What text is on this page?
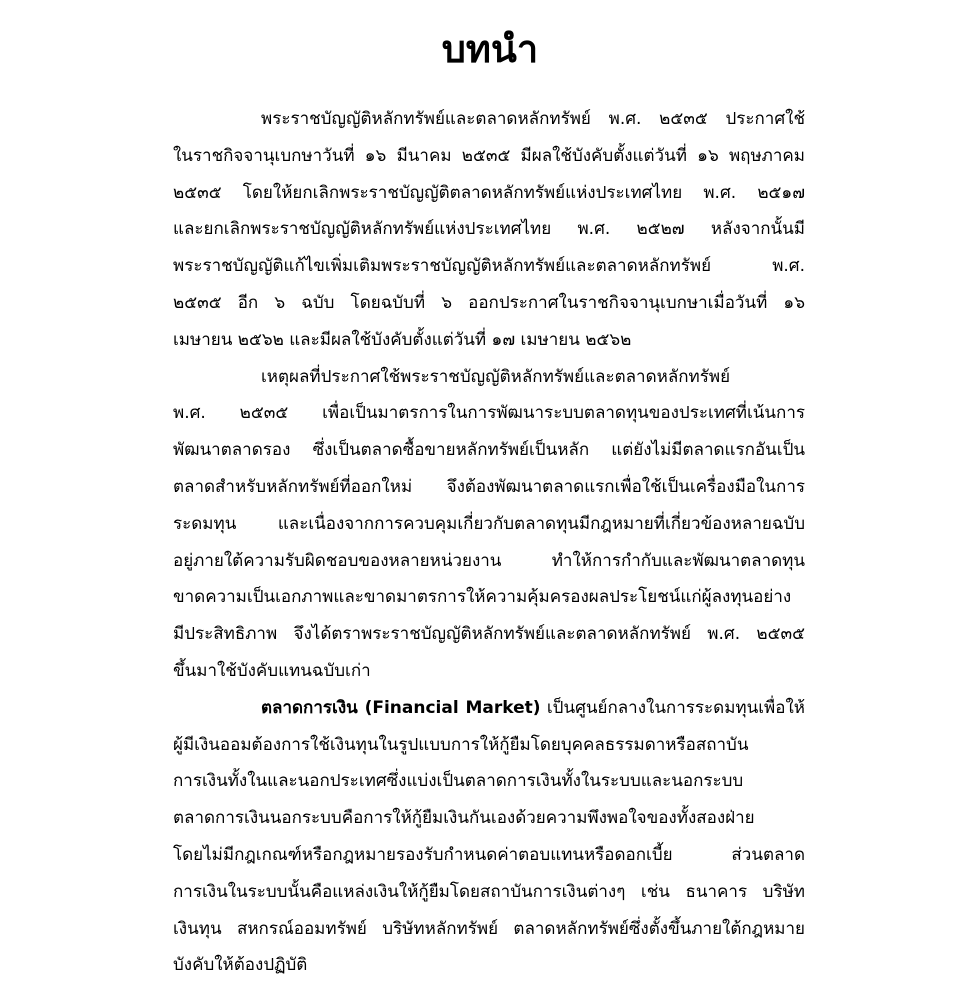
บทนำ
พระราชบัญญัติหลักทรัพย์และตลาดหลักทรัพย์ พ.ศ. ๒๕๓๕ ประกาศใช้
ในราชกิจจานุเบกษาวันที่ ๑๖ มีนาคม ๒๕๓๕ มีผลใช้บังคับตั้งแต่วันที่ ๑๖ พฤษภาคม
๒๕๓๕ โดยให้ยกเลิกพระราชบัญญัติตลาดหลักทรัพย์แห่งประเทศไทย พ.ศ. ๒๕๑๗
และยกเลิกพระราชบัญญัติหลักทรัพย์แห่งประเทศไทย พ.ศ. ๒๕๒๗ หลังจากนั้นมี
พระราชบัญญัติแก้ไขเพิ่มเติมพระราชบัญญัติหลักทรัพย์และตลาดหลักทรัพย์ พ.ศ.
๒๕๓๕ อีก ๖ ฉบับ โดยฉบับที่ ๖ ออกประกาศในราชกิจจานุเบกษาเมื่อวันที่ ๑๖
เมษายน ๒๕๖๒ และมีผลใช้บังคับตั้งแต่วันที่ ๑๗ เมษายน ๒๕๖๒
เหตุผลที่ประกาศใช้พระราชบัญญัติหลักทรัพย์และตลาดหลักทรัพย์
พ.ศ. ๒๕๓๕ เพื่อเป็นมาตรการในการพัฒนาระบบตลาดทุนของประเทศที่เน้นการ
พัฒนาตลาดรอง ซึ่งเป็นตลาดซื้อขายหลักทรัพย์เป็นหลัก แต่ยังไม่มีตลาดแรกอันเป็น
ตลาดสำหรับหลักทรัพย์ที่ออกใหม่ จึงต้องพัฒนาตลาดแรกเพื่อใช้เป็นเครื่องมือในการ
ระดมทุน และเนื่องจากการควบคุมเกี่ยวกับตลาดทุนมีกฎหมายที่เกี่ยวข้องหลายฉบับ
อยู่ภายใต้ความรับผิดชอบของหลายหน่วยงาน ทำให้การกำกับและพัฒนาตลาดทุน
ขาดความเป็นเอกภาพและขาดมาตรการให้ความคุ้มครองผลประโยชน์แก่ผู้ลงทุนอย่าง
มีประสิทธิภาพ จึงได้ตราพระราชบัญญัติหลักทรัพย์และตลาดหลักทรัพย์ พ.ศ. ๒๕๓๕
ขึ้นมาใช้บังคับแทนฉบับเก่า
ตลาดการเงิน (Financial Market) เป็นศูนย์กลางในการระดมทุนเพื่อให้
ผู้มีเงินออมต้องการใช้เงินทุนในรูปแบบการให้กู้ยืมโดยบุคคลธรรมดาหรือสถาบัน
การเงินทั้งในและนอกประเทศซึ่งแบ่งเป็นตลาดการเงินทั้งในระบบและนอกระบบ
ตลาดการเงินนอกระบบคือการให้กู้ยืมเงินกันเองด้วยความพึงพอใจของทั้งสองฝ่าย
โดยไม่มีกฎเกณฑ์หรือกฎหมายรองรับกำหนดค่าตอบแทนหรือดอกเบี้ย ส่วนตลาด
การเงินในระบบนั้นคือแหล่งเงินให้กู้ยืมโดยสถาบันการเงินต่างๆ เช่น ธนาคาร บริษัท
เงินทุน สหกรณ์ออมทรัพย์ บริษัทหลักทรัพย์ ตลาดหลักทรัพย์ซึ่งตั้งขึ้นภายใต้กฎหมาย
บังคับให้ต้องปฏิบัติ
